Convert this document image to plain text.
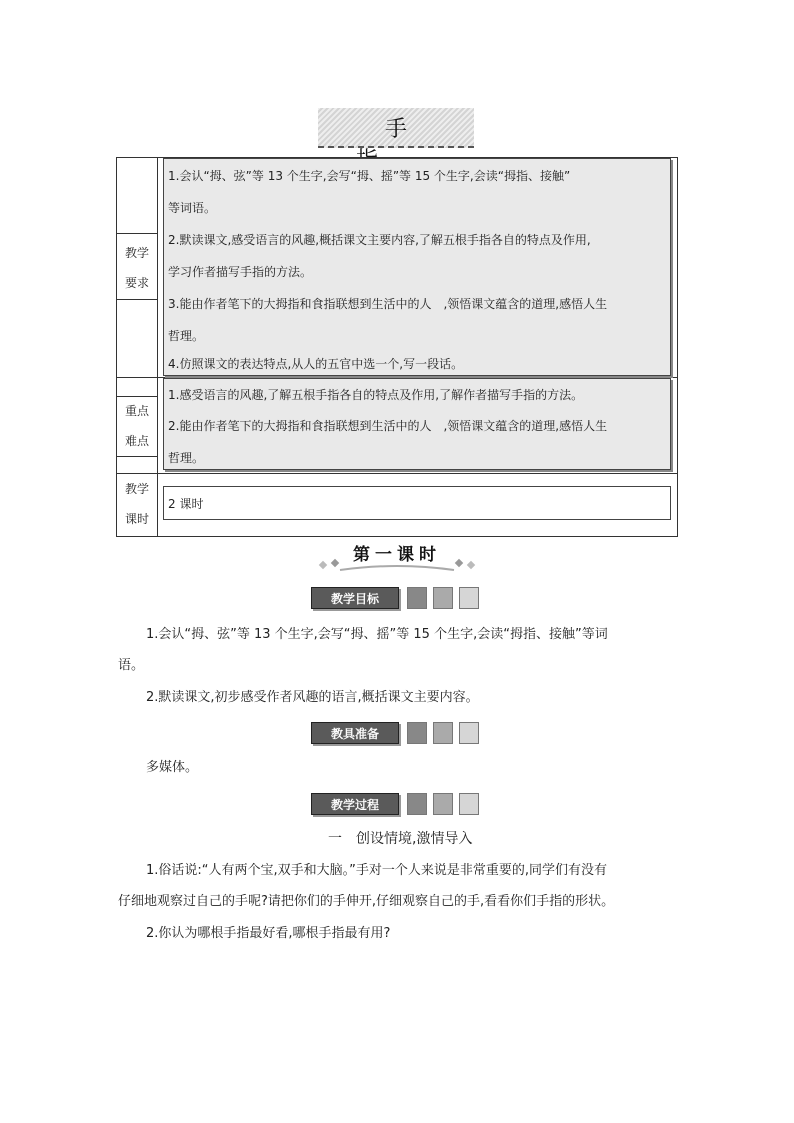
手　　
教学
要求
1.会认“拇、弦”等 13 个生字,会写“拇、摇”等 15 个生字,会读“拇指、接触”
等词语。
2.默读课文,感受语言的风趣,概括课文主要内容,了解五根手指各自的特点及作用,
学习作者描写手指的方法。
3.能由作者笔下的大拇指和食指联想到生活中的人　,领悟课文蕴含的道理,感悟人生
哲理。
4.仿照课文的表达特点,从人的五官中选一个,写一段话。
重点
难点
1.感受语言的风趣,了解五根手指各自的特点及作用,了解作者描写手指的方法。
2.能由作者笔下的大拇指和食指联想到生活中的人　,领悟课文蕴含的道理,感悟人生
哲理。
教学
课时
2 课时
第一课时
教学目标
1.会认“拇、弦”等 13 个生字,会写“拇、摇”等 15 个生字,会读“拇指、接触”等词
语。
2.默读课文,初步感受作者风趣的语言,概括课文主要内容。
教具准备
多媒体。
教学过程
一　创设情境,激情导入
1.俗话说:“人有两个宝,双手和大脑。”手对一个人来说是非常重要的,同学们有没有
仔细地观察过自己的手呢?请把你们的手伸开,仔细观察自己的手,看看你们手指的形状。
2.你认为哪根手指最好看,哪根手指最有用?
